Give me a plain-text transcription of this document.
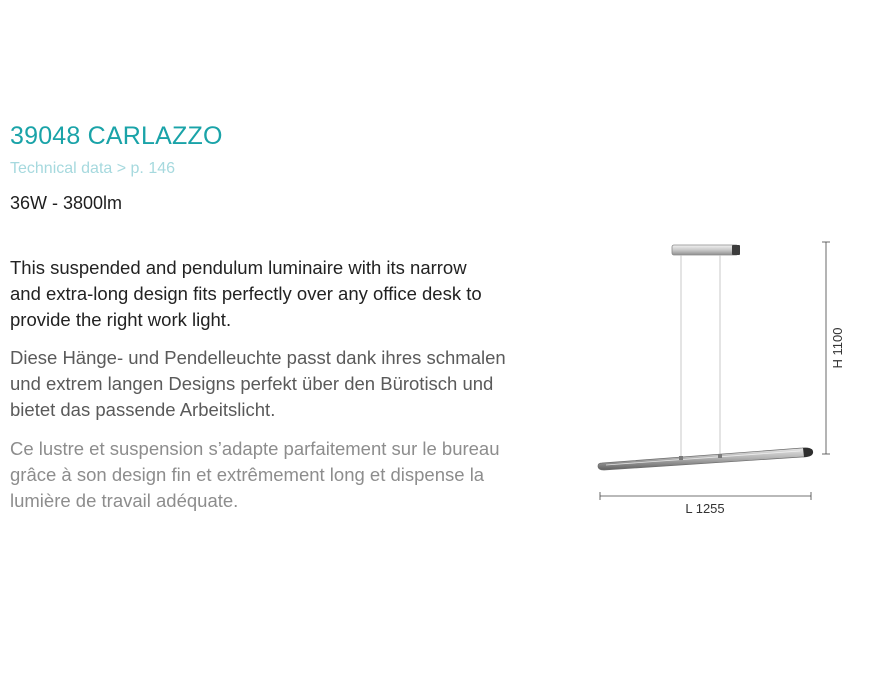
39048 CARLAZZO
Technical data > p. 146
36W - 3800lm

This suspended and pendulum luminaire with its narrow
and extra-long design fits perfectly over any office desk to
provide the right work light.

Diese Hänge- und Pendelleuchte passt dank ihres schmalen
und extrem langen Designs perfekt über den Bürotisch und
bietet das passende Arbeitslicht.

Ce lustre et suspension s’adapte parfaitement sur le bureau
grâce à son design fin et extrêmement long et dispense la
lumière de travail adéquate.

H 1100
L 1255
